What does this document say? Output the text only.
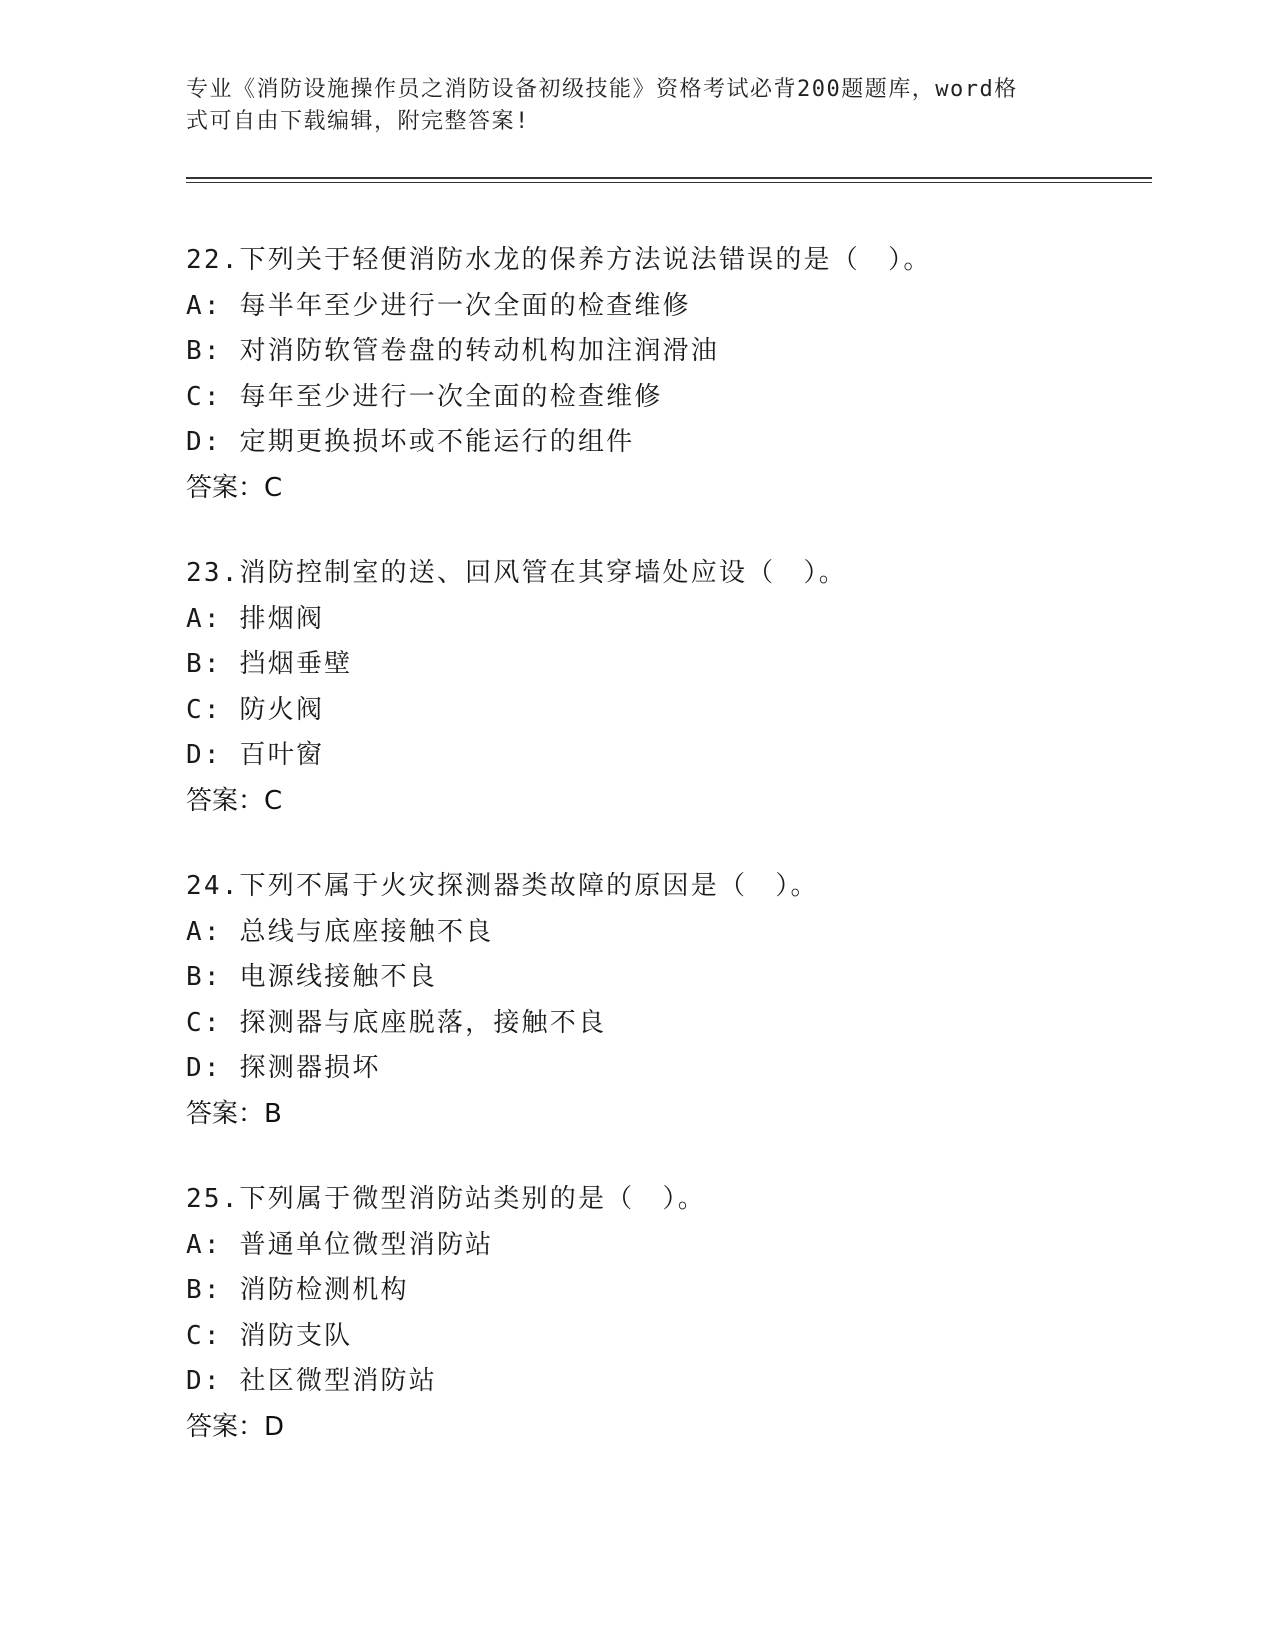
专业《消防设施操作员之消防设备初级技能》资格考试必背200题题库，word格
式可自由下载编辑，附完整答案!
22.下列关于轻便消防水龙的保养方法说法错误的是（　）。
A: 每半年至少进行一次全面的检查维修
B: 对消防软管卷盘的转动机构加注润滑油
C: 每年至少进行一次全面的检查维修
D: 定期更换损坏或不能运行的组件
答案：C
23.消防控制室的送、回风管在其穿墙处应设（　）。
A: 排烟阀
B: 挡烟垂壁
C: 防火阀
D: 百叶窗
答案：C
24.下列不属于火灾探测器类故障的原因是（　）。
A: 总线与底座接触不良
B: 电源线接触不良
C: 探测器与底座脱落，接触不良
D: 探测器损坏
答案：B
25.下列属于微型消防站类别的是（　）。
A: 普通单位微型消防站
B: 消防检测机构
C: 消防支队
D: 社区微型消防站
答案：D
